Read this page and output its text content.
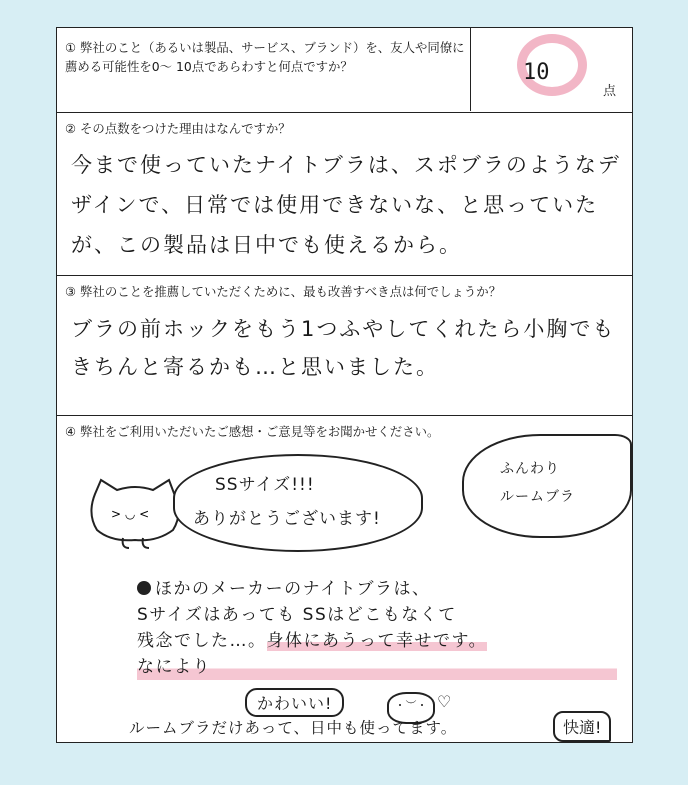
① 弊社のこと（あるいは製品、サービス、ブランド）を、友人や同僚に薦める可能性を0～ 10点であらわすと何点ですか？	10
点
② その点数をつけた理由はなんですか？
今まで使っていたナイトブラは、スポブラのようなデザインで、日常では使用できないな、と思っていたが、この製品は日中でも使えるから。
③ 弊社のことを推薦していただくために、最も改善すべき点は何でしょうか？
ブラの前ホックをもう1つふやしてくれたら小胸でもきちんと寄るかも…と思いました。
④ 弊社をご利用いただいたご感想・ご意見等をお聞かせください。
> ◡ <
SSサイズ!!!
ありがとうございます!
ふんわり
ルームブラ
ほかのメーカーのナイトブラは、
Sサイズはあっても SSはどこもなくて
残念でした…。身体にあうって幸せです。
なにより
かわいい!	・︶・ ♡
ルームブラだけあって、日中も使ってます。	快適!
